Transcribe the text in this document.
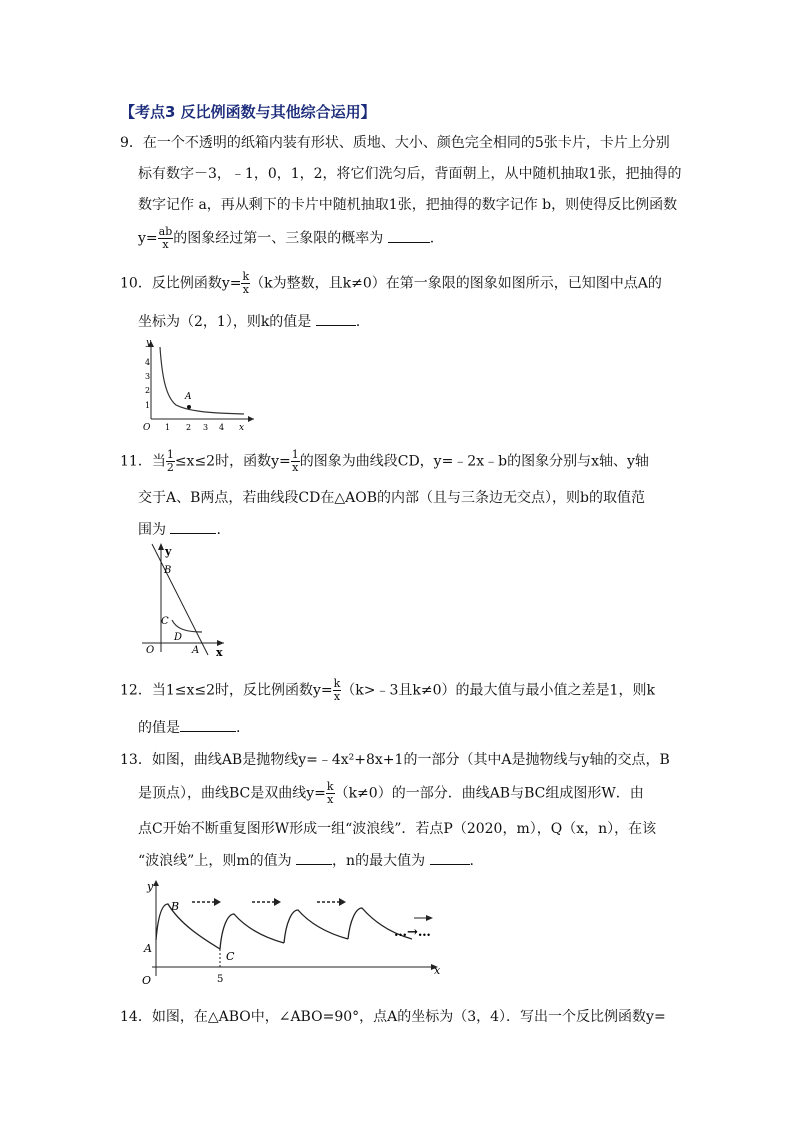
【考点3 反比例函数与其他综合运用】
9．在一个不透明的纸箱内装有形状、质地、大小、颜色完全相同的5张卡片，卡片上分别
标有数字－3，﹣1，0，1，2，将它们洗匀后，背面朝上，从中随机抽取1张，把抽得的
数字记作 a，再从剩下的卡片中随机抽取1张，把抽得的数字记作 b，则使得反比例函数
$y= \frac{ab}{x}$ 的图象经过第一、三象限的概率为	.
10．反比例函数$y= \frac{k}{x} (k$为整数，且k≠0）在第一象限的图象如图所示，已知图中点A的
坐标为（2，1），则k的值是	.
y
x
O 1 2 3 4
1
2
3
4
A
11．当 $\frac{1}{2} \le x\le 2$时，函数$y= \frac{1}{x}$ 的图象为曲线段CD，y=﹣2x﹣b的图象分别与x轴、y轴
交于A、B两点，若曲线段CD在△AOB的内部（且与三条边无交点），则b的取值范
围为	.
y
x
O
B
C
D
A
12．当1≤x≤2时，反比例函数$y= \frac{k}{x}$ （k>﹣3且k≠0）的最大值与最小值之差是1，则k
的值是	.
13．如图，曲线AB是抛物线y=﹣4x²+8x+1的一部分（其中A是抛物线与y轴的交点，B
是顶点），曲线BC是双曲线$y= \frac{k}{x} (k\ne 0)$的一部分．曲线AB与BC组成图形W．由
点C开始不断重复图形W形成一组“波浪线”．若点P（2020，m），Q（x，n），在该
“波浪线”上，则m的值为	，n的最大值为	.
y
x
O
A
B
C
5
…→…
14．如图，在△ABO中，∠ABO=90°，点A的坐标为（3，4）．写出一个反比例函数y=
